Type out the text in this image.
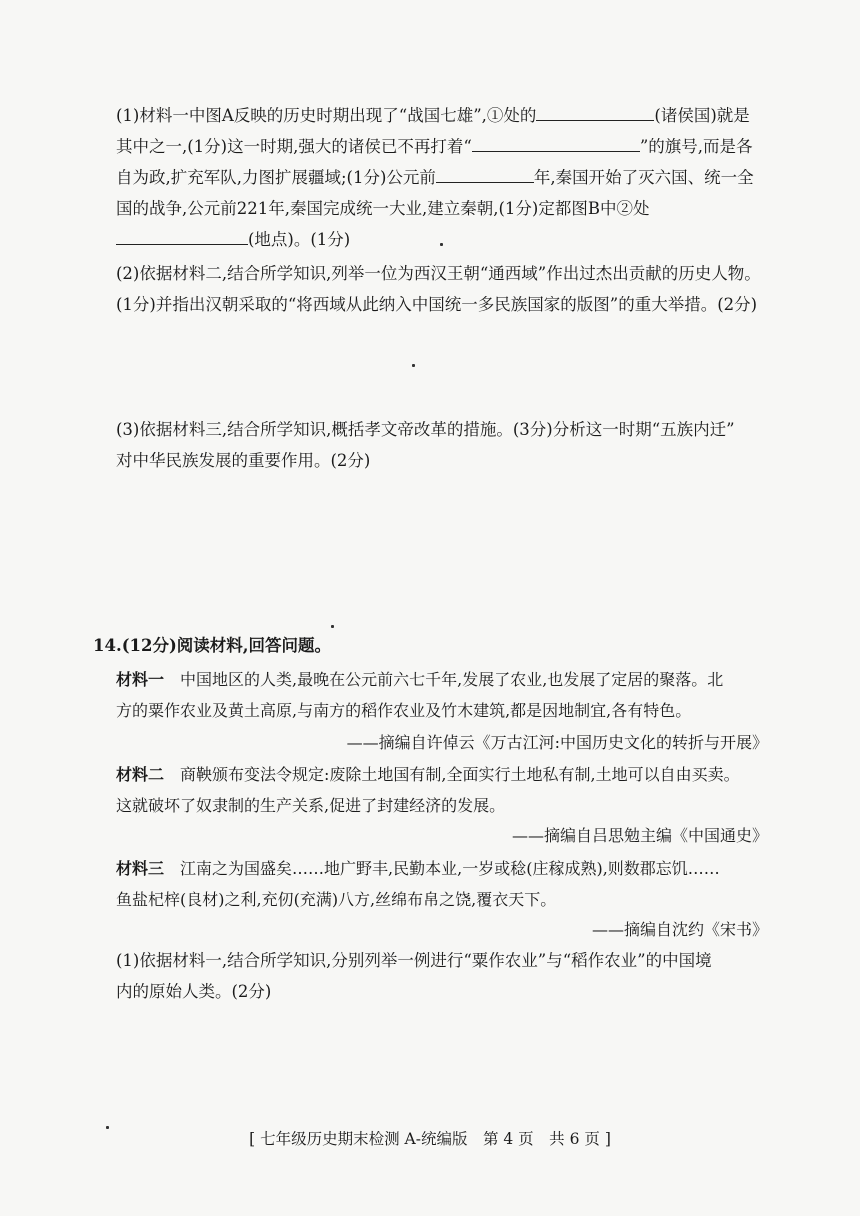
(1)材料一中图A反映的历史时期出现了“战国七雄”,①处的	(诸侯国)就是其中之一,(1分)这一时期,强大的诸侯已不再打着“	”的旗号,而是各自为政,扩充军队,力图扩展疆域;(1分)公元前	年,秦国开始了灭六国、统一全国的战争,公元前221年,秦国完成统一大业,建立秦朝,(1分)定都图B中②处(地点)。(1分)
(2)依据材料二,结合所学知识,列举一位为西汉王朝“通西域”作出过杰出贡献的历史人物。
(1分)并指出汉朝采取的“将西域从此纳入中国统一多民族国家的版图”的重大举措。(2分)
(3)依据材料三,结合所学知识,概括孝文帝改革的措施。(3分)分析这一时期“五族内迁”
对中华民族发展的重要作用。(2分)
14.(12分)阅读材料,回答问题。
材料一　 中国地区的人类,最晚在公元前六七千年,发展了农业,也发展了定居的聚落。北
方的粟作农业及黄土高原,与南方的稻作农业及竹木建筑,都是因地制宜,各有特色。
——摘编自许倬云《万古江河:中国历史文化的转折与开展》
材料二　 商鞅颁布变法令规定:废除土地国有制,全面实行土地私有制,土地可以自由买卖。
这就破坏了奴隶制的生产关系,促进了封建经济的发展。
——摘编自吕思勉主编《中国通史》
材料三　 江南之为国盛矣……地广野丰,民勤本业,一岁或稔(庄稼成熟),则数郡忘饥……
鱼盐杞梓(良材)之利,充仞(充满)八方,丝绵布帛之饶,覆衣天下。
——摘编自沈约《宋书》
(1)依据材料一,结合所学知识,分别列举一例进行“粟作农业”与“稻作农业”的中国境
内的原始人类。(2分)
[ 七年级历史期末检测 A-统编版　第 4 页　共 6 页 ]
